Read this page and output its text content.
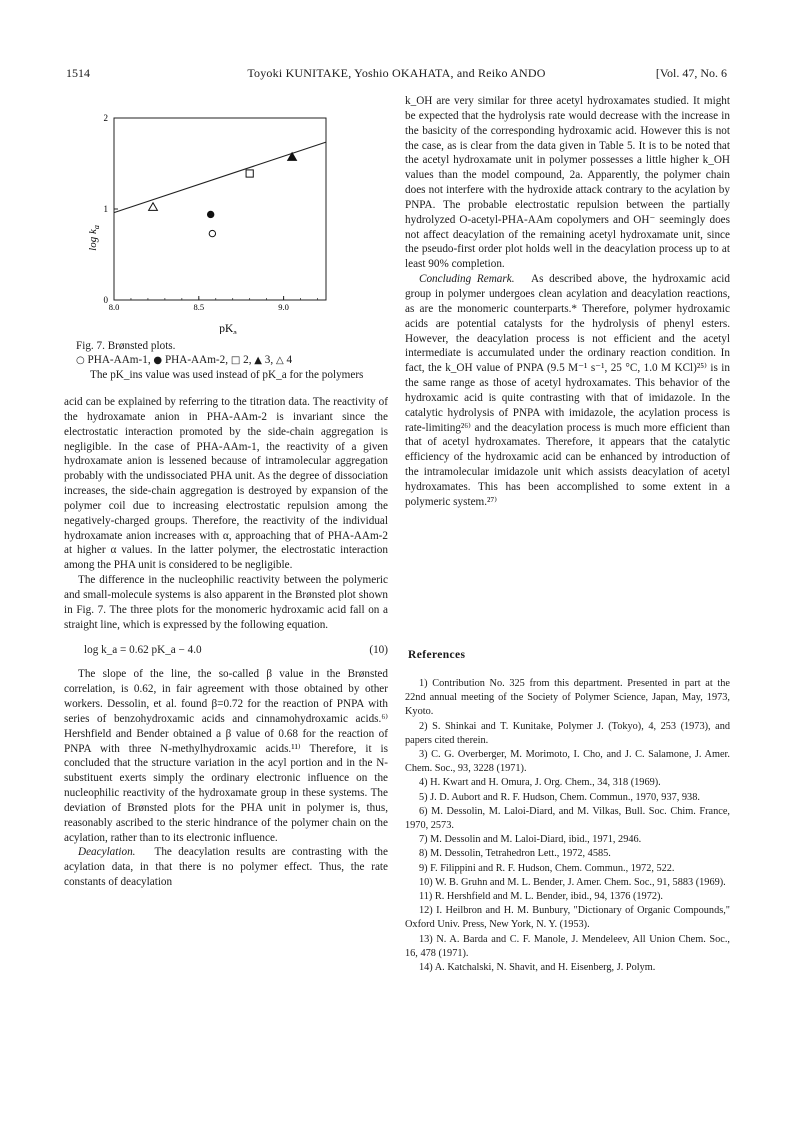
1514	Toyoki KUNITAKE, Yoshio OKAHATA, and Reiko ANDO	[Vol. 47, No. 6
8.0	8.5	9.0
0
1
2
$\log k_a$
$pK_a$
Fig. 7. Brønsted plots.
○ PHA-AAm-1, ● PHA-AAm-2, □ 2, ▲ 3, △ 4
The pK_ins value was used instead of pK_a for the polymers

acid can be explained by referring to the titration data. The reactivity of the hydroxamate anion in PHA-AAm-2 is invariant since the electrostatic interaction promoted by the side-chain aggregation is negligible. In the case of PHA-AAm-1, the reactivity of a given hydroxamate anion is lessened because of intramolecular aggregation probably with the undissociated PHA unit. As the degree of dissociation increases, the side-chain aggregation is destroyed by expansion of the polymer coil due to increasing electrostatic repulsion among the negatively-charged groups. Therefore, the reactivity of the individual hydroxamate anion increases with α, approaching that of PHA-AAm-2 at higher α values. In the latter polymer, the electrostatic interaction among the PHA unit is considered to be negligible.

The difference in the nucleophilic reactivity between the polymeric and small-molecule systems is also apparent in the Brønsted plot shown in Fig. 7. The three plots for the monomeric hydroxamic acid fall on a straight line, which is expressed by the following equation.

log k_a = 0.62 pK_a − 4.0	(10)

The slope of the line, the so-called β value in the Brønsted correlation, is 0.62, in fair agreement with those obtained by other workers. Dessolin, et al. found β=0.72 for the reaction of PNPA with series of benzohydroxamic acids and cinnamohydroxamic acids.⁶⁾ Hershfield and Bender obtained a β value of 0.68 for the reaction of PNPA with three N-methylhydroxamic acids.¹¹⁾ Therefore, it is concluded that the structure variation in the acyl portion and in the N-substituent exerts simply the ordinary electronic influence on the nucleophilic reactivity of the hydroxamate group in these systems. The deviation of Brønsted plots for the PHA unit in polymer is, thus, reasonably ascribed to the steric hindrance of the polymer chain on the acylation, rather than to its electronic influence.

Deacylation. The deacylation results are contrasting with the acylation data, in that there is no polymer effect. Thus, the rate constants of deacylation

k_OH are very similar for three acetyl hydroxamates studied. It might be expected that the hydrolysis rate would decrease with the increase in the basicity of the corresponding hydroxamic acid. However this is not the case, as is clear from the data given in Table 5. It is to be noted that the acetyl hydroxamate unit in polymer possesses a little higher k_OH values than the model compound, 2a. Apparently, the polymer chain does not interfere with the hydroxide attack contrary to the acylation by PNPA. The probable electrostatic repulsion between the partially hydrolyzed O-acetyl-PHA-AAm copolymers and OH⁻ seemingly does not affect deacylation of the remaining acetyl hydroxamate unit, since the pseudo-first order plot holds well in the deacylation process up to at least 90% completion.

Concluding Remark. As described above, the hydroxamic acid group in polymer undergoes clean acylation and deacylation reactions, as are the monomeric counterparts.* Therefore, polymer hydroxamic acids are potential catalysts for the hydrolysis of phenyl esters. However, the deacylation process is not efficient and the acetyl intermediate is accumulated under the ordinary reaction condition. In fact, the k_OH value of PNPA (9.5 M⁻¹ s⁻¹, 25 °C, 1.0 M KCl)²⁵⁾ is in the same range as those of acetyl hydroxamates. This behavior of the hydroxamic acid is quite contrasting with that of imidazole. In the catalytic hydrolysis of PNPA with imidazole, the acylation process is rate-limiting²⁶⁾ and the deacylation process is much more efficient than that of acetyl hydroxamates. Therefore, it appears that the catalytic efficiency of the hydroxamic acid can be enhanced by introduction of the intramolecular imidazole unit which assists deacylation of acetyl hydroxamates. This has been accomplished to some extent in a polymeric system.²⁷⁾

References

1) Contribution No. 325 from this department. Presented in part at the 22nd annual meeting of the Society of Polymer Science, Japan, May, 1973, Kyoto.

2) S. Shinkai and T. Kunitake, Polymer J. (Tokyo), 4, 253 (1973), and papers cited therein.

3) C. G. Overberger, M. Morimoto, I. Cho, and J. C. Salamone, J. Amer. Chem. Soc., 93, 3228 (1971).

4) H. Kwart and H. Omura, J. Org. Chem., 34, 318 (1969).

5) J. D. Aubort and R. F. Hudson, Chem. Commun., 1970, 937, 938.

6) M. Dessolin, M. Laloi-Diard, and M. Vilkas, Bull. Soc. Chim. France, 1970, 2573.

7) M. Dessolin and M. Laloi-Diard, ibid., 1971, 2946.

8) M. Dessolin, Tetrahedron Lett., 1972, 4585.

9) F. Filippini and R. F. Hudson, Chem. Commun., 1972, 522.

10) W. B. Gruhn and M. L. Bender, J. Amer. Chem. Soc., 91, 5883 (1969).

11) R. Hershfield and M. L. Bender, ibid., 94, 1376 (1972).

12) I. Heilbron and H. M. Bunbury, "Dictionary of Organic Compounds," Oxford Univ. Press, New York, N. Y. (1953).

13) N. A. Barda and C. F. Manole, J. Mendeleev, All Union Chem. Soc., 16, 478 (1971).

14) A. Katchalski, N. Shavit, and H. Eisenberg, J. Polym.
